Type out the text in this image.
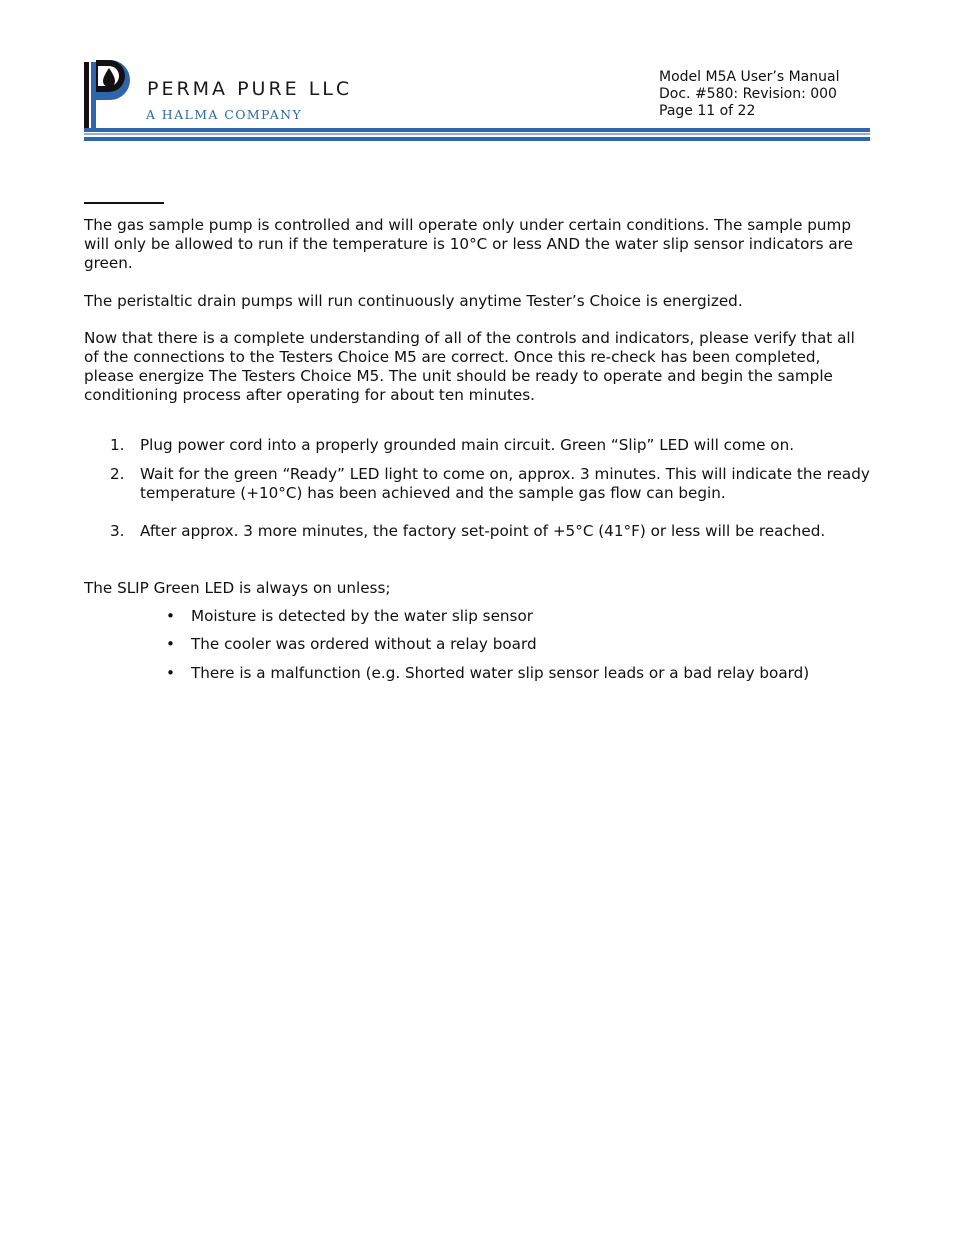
PERMA PURE LLC
A HALMA COMPANY
Model M5A User’s Manual
Doc. #580: Revision: 000
Page 11 of 22

The gas sample pump is controlled and will operate only under certain conditions. The sample pump will only be allowed to run if the temperature is 10°C or less AND the water slip sensor indicators are green.

The peristaltic drain pumps will run continuously anytime Tester’s Choice is energized.

Now that there is a complete understanding of all of the controls and indicators, please verify that all of the connections to the Testers Choice M5 are correct. Once this re-check has been completed, please energize The Testers Choice M5. The unit should be ready to operate and begin the sample conditioning process after operating for about ten minutes.

1. Plug power cord into a properly grounded main circuit. Green “Slip” LED will come on.
2. Wait for the green “Ready” LED light to come on, approx. 3 minutes. This will indicate the ready temperature (+10°C) has been achieved and the sample gas flow can begin.
3. After approx. 3 more minutes, the factory set-point of +5°C (41°F) or less will be reached.

The SLIP Green LED is always on unless;

• Moisture is detected by the water slip sensor
• The cooler was ordered without a relay board
• There is a malfunction (e.g. Shorted water slip sensor leads or a bad relay board)
